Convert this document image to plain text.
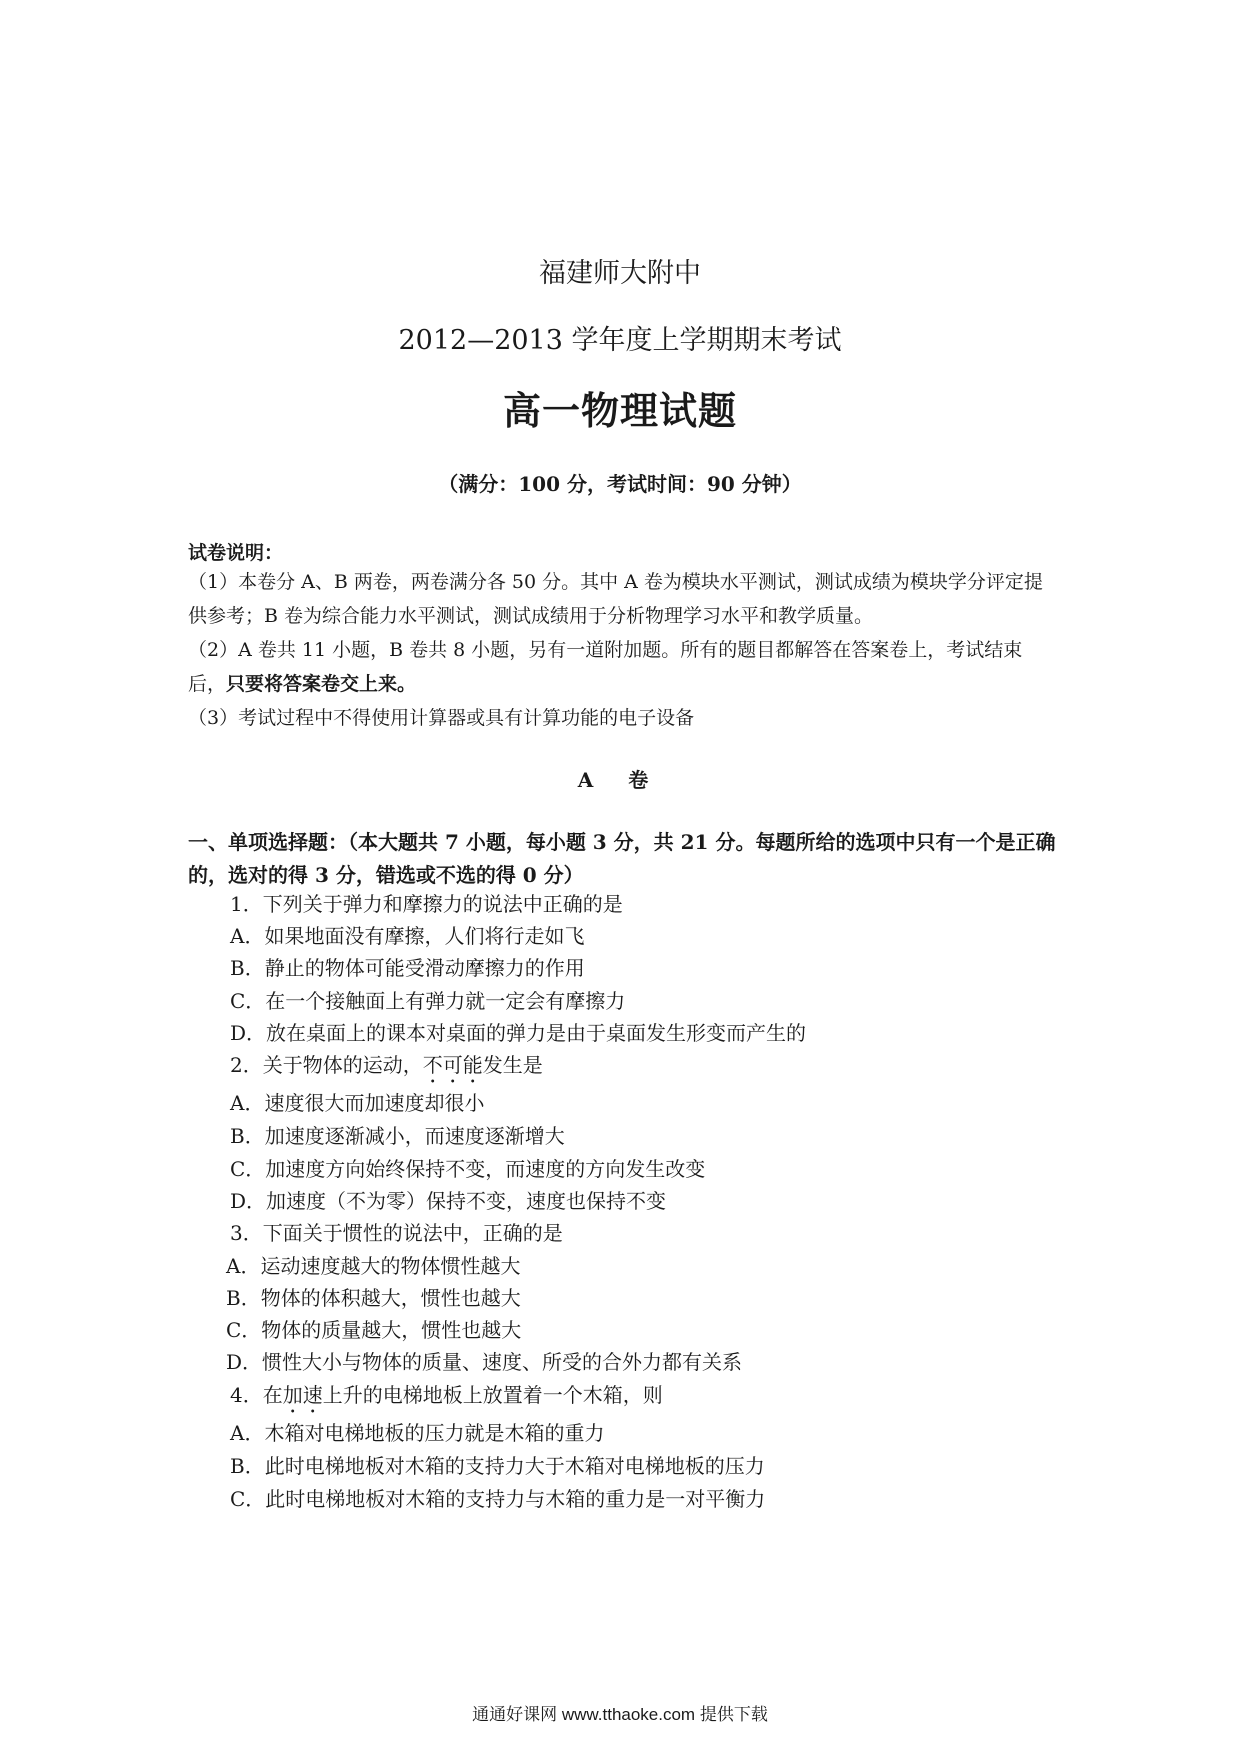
福建师大附中
2012—2013 学年度上学期期末考试
高一物理试题
（满分：100 分，考试时间：90 分钟）
试卷说明：
（1）本卷分 A、B 两卷，两卷满分各 50 分。其中 A 卷为模块水平测试，测试成绩为模块学分评定提供参考；B 卷为综合能力水平测试，测试成绩用于分析物理学习水平和教学质量。
（2）A 卷共 11 小题，B 卷共 8 小题，另有一道附加题。所有的题目都解答在答案卷上，考试结束后，只要将答案卷交上来。
（3）考试过程中不得使用计算器或具有计算功能的电子设备
A 卷
一、单项选择题：（本大题共 7 小题，每小题 3 分，共 21 分。每题所给的选项中只有一个是正确的，选对的得 3 分，错选或不选的得 0 分）
1．下列关于弹力和摩擦力的说法中正确的是
A．如果地面没有摩擦，人们将行走如飞
B．静止的物体可能受滑动摩擦力的作用
C．在一个接触面上有弹力就一定会有摩擦力
D．放在桌面上的课本对桌面的弹力是由于桌面发生形变而产生的
2．关于物体的运动，不可能发生是
A．速度很大而加速度却很小
B．加速度逐渐减小，而速度逐渐增大
C．加速度方向始终保持不变，而速度的方向发生改变
D．加速度（不为零）保持不变，速度也保持不变
3．下面关于惯性的说法中，正确的是
A．运动速度越大的物体惯性越大
B．物体的体积越大，惯性也越大
C．物体的质量越大，惯性也越大
D．惯性大小与物体的质量、速度、所受的合外力都有关系
4．在加速上升的电梯地板上放置着一个木箱，则
A．木箱对电梯地板的压力就是木箱的重力
B．此时电梯地板对木箱的支持力大于木箱对电梯地板的压力
C．此时电梯地板对木箱的支持力与木箱的重力是一对平衡力
通通好课网 www.tthaoke.com 提供下载
